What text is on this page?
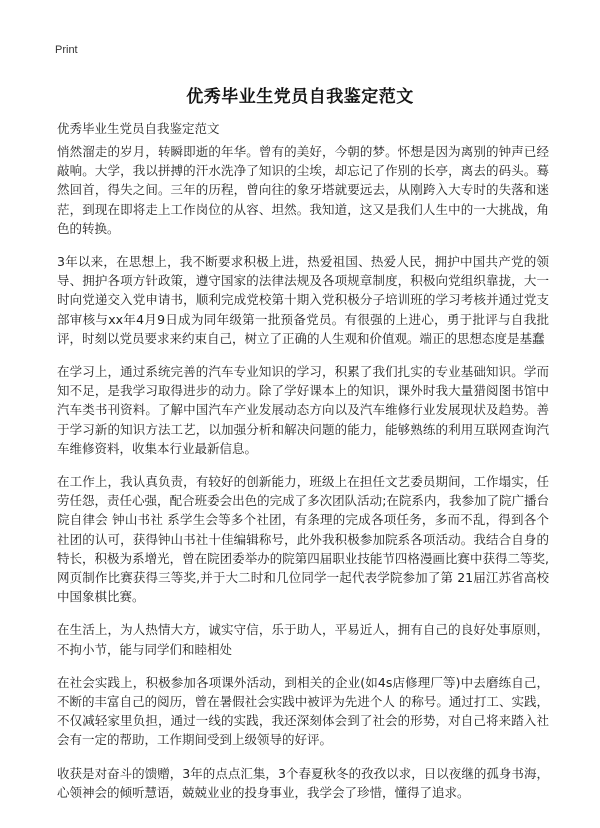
Print
优秀毕业生党员自我鉴定范文

优秀毕业生党员自我鉴定范文

悄然溜走的岁月，转瞬即逝的年华。曾有的美好，今朝的梦。怀想是因为离别的钟声已经敲响。大学，我以拼搏的汗水洗净了知识的尘埃，却忘记了作别的长亭，离去的码头。蓦然回首，得失之间。三年的历程，曾向往的象牙塔就要远去，从刚跨入大专时的失落和迷茫，到现在即将走上工作岗位的从容、坦然。我知道，这又是我们人生中的一大挑战，角色的转换。

3年以来，在思想上，我不断要求积极上进，热爱祖国、热爱人民，拥护中国共产党的领导、拥护各项方针政策，遵守国家的法律法规及各项规章制度，积极向党组织靠拢，大一时向党递交入党申请书，顺利完成党校第十期入党积极分子培训班的学习考核并通过党支部审核与xx年4月9日成为同年级第一批预备党员。有很强的上进心，勇于批评与自我批评，时刻以党员要求来约束自己，树立了正确的人生观和价值观。端正的思想态度是基蠢

在学习上，通过系统完善的汽车专业知识的学习，积累了我们扎实的专业基础知识。学而知不足，是我学习取得进步的动力。除了学好课本上的知识，课外时我大量猎阅图书馆中汽车类书刊资料。了解中国汽车产业发展动态方向以及汽车维修行业发展现状及趋势。善于学习新的知识方法工艺，以加强分析和解决问题的能力，能够熟练的利用互联网查询汽车维修资料，收集本行业最新信息。

在工作上，我认真负责，有较好的创新能力，班级上在担任文艺委员期间，工作塌实，任劳任怨，责任心强，配合班委会出色的完成了多次团队活动;在院系内，我参加了院广播台院自律会 钟山书社 系学生会等多个社团，有条理的完成各项任务，多而不乱，得到各个社团的认可，获得钟山书社十佳编辑称号，此外我积极参加院系各项活动。我结合自身的特长，积极为系增光，曾在院团委举办的院第四届职业技能节四格漫画比赛中获得二等奖,网页制作比赛获得三等奖,并于大二时和几位同学一起代表学院参加了第 21届江苏省高校中国象棋比赛。

在生活上，为人热情大方，诚实守信，乐于助人，平易近人，拥有自己的良好处事原则，不拘小节，能与同学们和睦相处

在社会实践上，积极参加各项课外活动，到相关的企业(如4s店修理厂等)中去磨练自己，不断的丰富自己的阅历，曾在暑假社会实践中被评为先进个人 的称号。通过打工、实践，不仅减轻家里负担，通过一线的实践，我还深刻体会到了社会的形势，对自己将来踏入社会有一定的帮助，工作期间受到上级领导的好评。

收获是对奋斗的馈赠，3年的点点汇集，3个春夏秋冬的孜孜以求，日以夜继的孤身书海，心领神会的倾听慧语，兢兢业业的投身事业，我学会了珍惜，懂得了追求。
